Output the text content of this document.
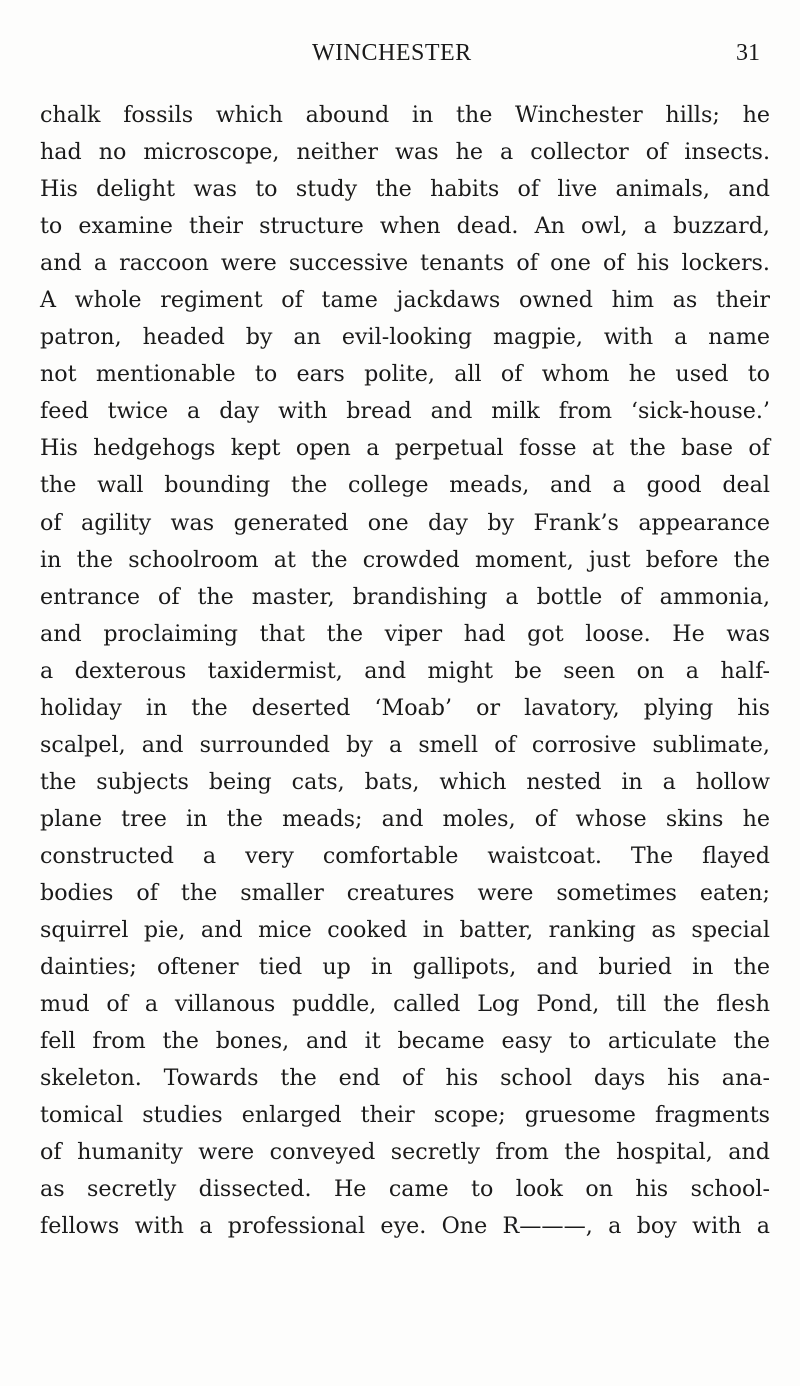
WINCHESTER	31
chalk fossils which abound in the Winchester hills; he
had no microscope, neither was he a collector of insects.
His delight was to study the habits of live animals, and
to examine their structure when dead. An owl, a buzzard,
and a raccoon were successive tenants of one of his lockers.
A whole regiment of tame jackdaws owned him as their
patron, headed by an evil-looking magpie, with a name
not mentionable to ears polite, all of whom he used to
feed twice a day with bread and milk from ‘sick-house.’
His hedgehogs kept open a perpetual fosse at the base of
the wall bounding the college meads, and a good deal
of agility was generated one day by Frank’s appearance
in the schoolroom at the crowded moment, just before the
entrance of the master, brandishing a bottle of ammonia,
and proclaiming that the viper had got loose. He was
a dexterous taxidermist, and might be seen on a half-
holiday in the deserted ‘Moab’ or lavatory, plying his
scalpel, and surrounded by a smell of corrosive sublimate,
the subjects being cats, bats, which nested in a hollow
plane tree in the meads; and moles, of whose skins he
constructed a very comfortable waistcoat. The flayed
bodies of the smaller creatures were sometimes eaten;
squirrel pie, and mice cooked in batter, ranking as special
dainties; oftener tied up in gallipots, and buried in the
mud of a villanous puddle, called Log Pond, till the flesh
fell from the bones, and it became easy to articulate the
skeleton. Towards the end of his school days his ana-
tomical studies enlarged their scope; gruesome fragments
of humanity were conveyed secretly from the hospital, and
as secretly dissected. He came to look on his school-
fellows with a professional eye. One R———, a boy with a
